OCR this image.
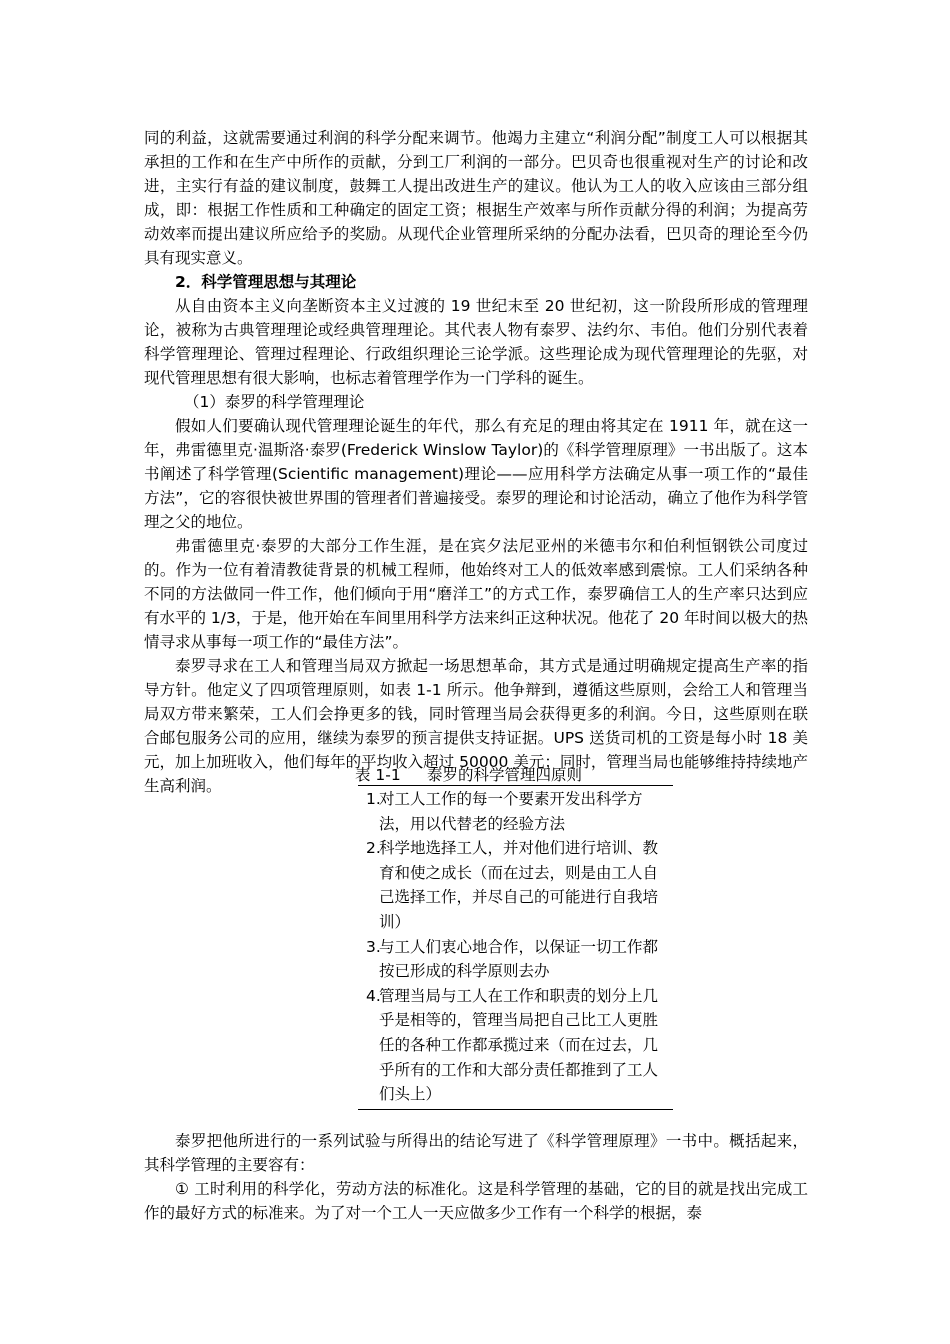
同的利益，这就需要通过利润的科学分配来调节。他竭力主建立“利润分配”制度工人可以根据其承担的工作和在生产中所作的贡献，分到工厂利润的一部分。巴贝奇也很重视对生产的讨论和改进，主实行有益的建议制度，鼓舞工人提出改进生产的建议。他认为工人的收入应该由三部分组成，即：根据工作性质和工种确定的固定工资；根据生产效率与所作贡献分得的利润；为提高劳动效率而提出建议所应给予的奖励。从现代企业管理所采纳的分配办法看，巴贝奇的理论至今仍具有现实意义。

2．科学管理思想与其理论

从自由资本主义向垄断资本主义过渡的 19 世纪末至 20 世纪初，这一阶段所形成的管理理论，被称为古典管理理论或经典管理理论。其代表人物有泰罗、法约尔、韦伯。他们分别代表着科学管理理论、管理过程理论、行政组织理论三论学派。这些理论成为现代管理理论的先驱，对现代管理思想有很大影响，也标志着管理学作为一门学科的诞生。

（1）泰罗的科学管理理论

假如人们要确认现代管理理论诞生的年代，那么有充足的理由将其定在 1911 年，就在这一年，弗雷德里克·温斯洛·泰罗(Frederick Winslow Taylor)的《科学管理原理》一书出版了。这本书阐述了科学管理(Scientific management)理论——应用科学方法确定从事一项工作的“最佳方法”，它的容很快被世界围的管理者们普遍接受。泰罗的理论和讨论活动，确立了他作为科学管理之父的地位。

弗雷德里克·泰罗的大部分工作生涯，是在宾夕法尼亚州的米德韦尔和伯利恒钢铁公司度过的。作为一位有着清教徒背景的机械工程师，他始终对工人的低效率感到震惊。工人们采纳各种不同的方法做同一件工作，他们倾向于用“磨洋工”的方式工作，泰罗确信工人的生产率只达到应有水平的 1/3，于是，他开始在车间里用科学方法来纠正这种状况。他花了 20 年时间以极大的热情寻求从事每一项工作的“最佳方法”。

泰罗寻求在工人和管理当局双方掀起一场思想革命，其方式是通过明确规定提高生产率的指导方针。他定义了四项管理原则，如表 1-1 所示。他争辩到，遵循这些原则，会给工人和管理当局双方带来繁荣，工人们会挣更多的钱，同时管理当局会获得更多的利润。今日，这些原则在联合邮包服务公司的应用，继续为泰罗的预言提供支持证据。UPS 送货司机的工资是每小时 18 美元，加上加班收入，他们每年的平均收入超过 50000 美元；同时，管理当局也能够维持持续地产生高利润。

表 1-1 泰罗的科学管理四原则
1.
对工人工作的每一个要素开发出科学方法，用以代替老的经验方法
2.
科学地选择工人，并对他们进行培训、教育和使之成长（而在过去，则是由工人自己选择工作，并尽自己的可能进行自我培训）
3.
与工人们衷心地合作，以保证一切工作都按已形成的科学原则去办
4.
管理当局与工人在工作和职责的划分上几乎是相等的，管理当局把自己比工人更胜任的各种工作都承揽过来（而在过去，几乎所有的工作和大部分责任都推到了工人们头上）

泰罗把他所进行的一系列试验与所得出的结论写进了《科学管理原理》一书中。概括起来，其科学管理的主要容有：

① 工时利用的科学化，劳动方法的标准化。这是科学管理的基础，它的目的就是找出完成工作的最好方式的标准来。为了对一个工人一天应做多少工作有一个科学的根据，泰
